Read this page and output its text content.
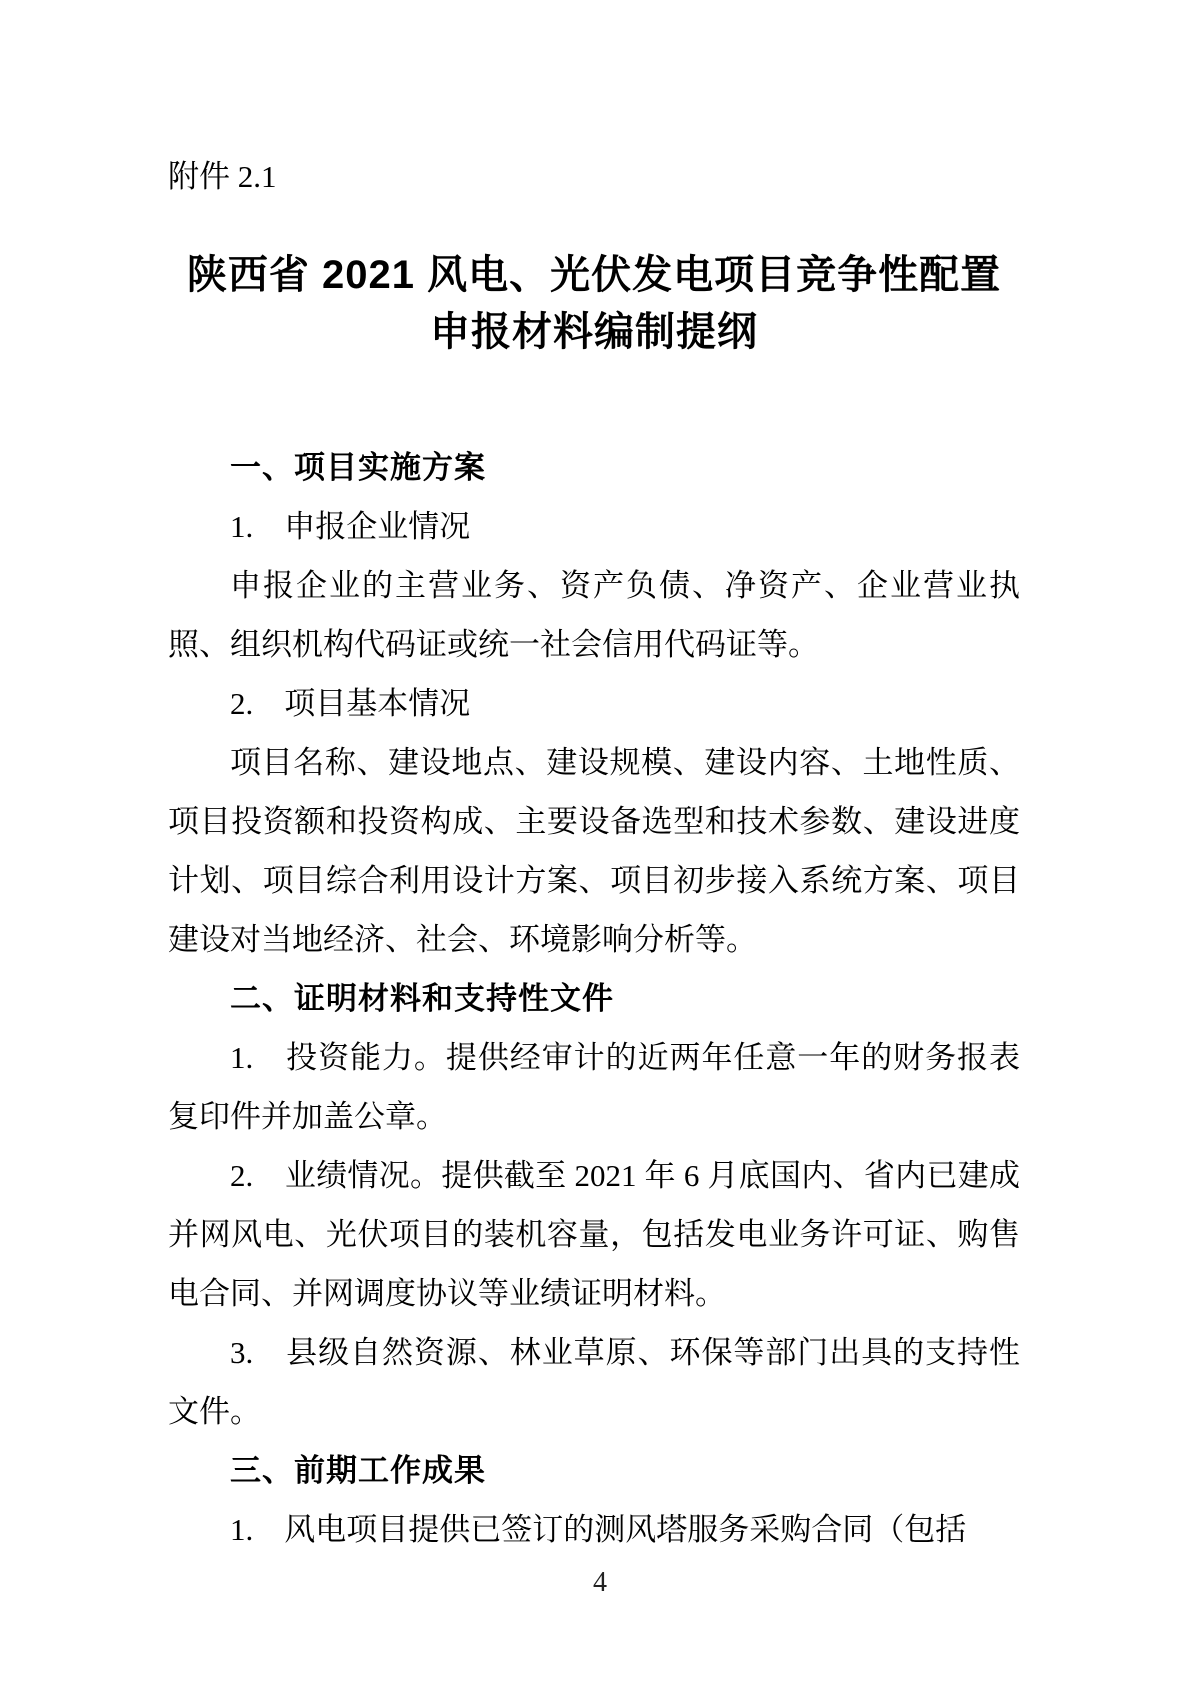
附件 2.1
陕西省 2021 风电、光伏发电项目竞争性配置
申报材料编制提纲
一、项目实施方案
1.　申报企业情况
申报企业的主营业务、资产负债、净资产、企业营业执照、组织机构代码证或统一社会信用代码证等。
2.　项目基本情况
项目名称、建设地点、建设规模、建设内容、土地性质、项目投资额和投资构成、主要设备选型和技术参数、建设进度计划、项目综合利用设计方案、项目初步接入系统方案、项目建设对当地经济、社会、环境影响分析等。
二、证明材料和支持性文件
1.　投资能力。提供经审计的近两年任意一年的财务报表复印件并加盖公章。
2.　业绩情况。提供截至 2021 年 6 月底国内、省内已建成并网风电、光伏项目的装机容量，包括发电业务许可证、购售电合同、并网调度协议等业绩证明材料。
3.　县级自然资源、林业草原、环保等部门出具的支持性文件。
三、前期工作成果
1.　风电项目提供已签订的测风塔服务采购合同（包括
4
